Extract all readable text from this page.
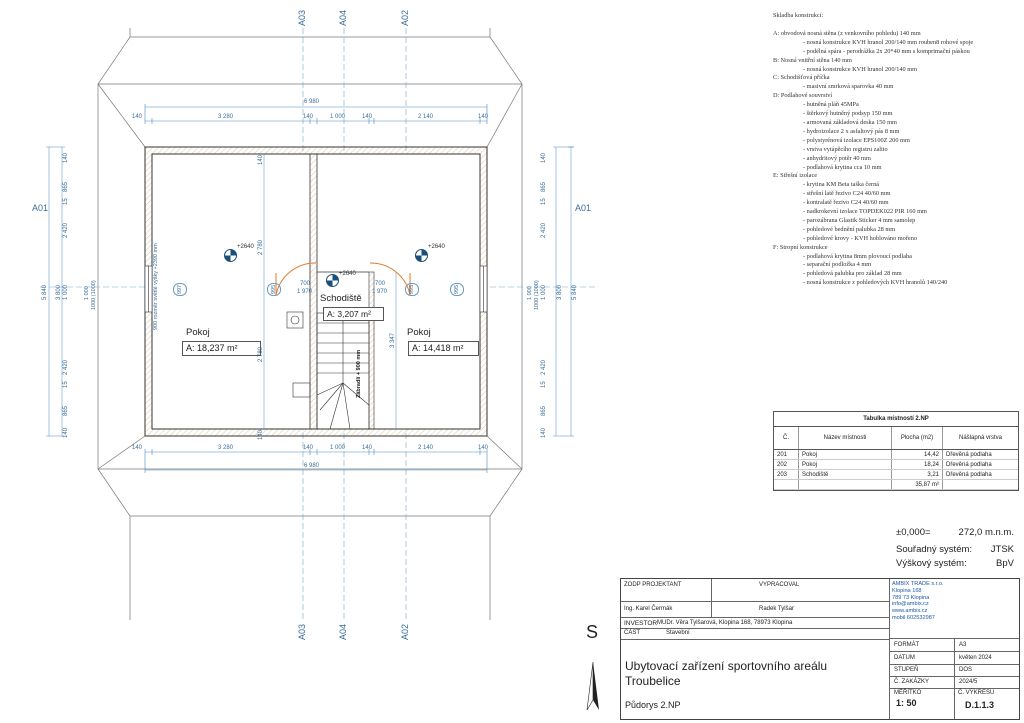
A03	A04	A02
A03	A04	A02
A01	A01
6 980
140	3 280	140	1 000	140	2 140	140
140	3 280	140	1 000	140	2 140	140
6 980
5 840 3 800
140
865
15
2 420
1 000
2 420
15
865
140
5 840
3 800
140
865
15
2 420
1 000
2 420
15
865
140
2 780
2 780
140
140
3 347
700
1 970
700
1 970
997	995	995	995
900 rozměr světlé výšky +2390 mm
1000 (1000)	1000 (1000)
1 000	1 000
+2640	+2640
+2640
Pokoj
A: 18,237 m²
Schodiště
A: 3,207 m²
Pokoj
A: 14,418 m²
Zábradlí + 900 mm
S
Skladba konstrukcí:
A: obvodová nosná stěna (z venkovního pohledu) 140 mm
- nosná konstrukce KVH hranol 200/140 mm rouben8 rohové spoje
- podélná spára - perodrážka 2x 20*40 mm s komprimační páskou
B: Nosná vnitřní stěna 140 mm
- nosná konstrukce KVH hranol 200/140 mm
C: Schodišťová příčka
- masivní smrková sparovka 40 mm
D: Podlahové souvrství
- hutněná pláň 45MPa
- štěrkový hutněný podsyp 150 mm
- armovaná základová deska 150 mm
- hydroizolace 2 x asfaltový pás 8 mm
- polystyrénová izolace EPS100Z 200 mm
- vrstva vytápěcího registru zalito
- anhydritový potěr 40 mm
- podlahová krytina cca 10 mm
E: Střešní izolace
- krytina KM Beta taška černá
- střešní latě řezivo C24 40/60 mm
- kontralatě řezivo C24 40/60 mm
- nadkrokevní izolace TOPDEK022 PIR 160 mm
- parozábrana Glastik Sticker 4 mm samolep
- pohledové bednění palubka 28 mm
- pohledové krovy - KVH hoblováno mořeno
F: Stropní konstrukce
- podlahová krytina 8mm plovoucí podlaha
- separační podložka 4 mm
- pohledová palubka pro základ 28 mm
- nosná konstrukce z pohledových KVH hranolů 140/240
Tabulka místností 2.NP
Č.	Název místnosti	Plocha (m2)	Nášlapná vrstva
201	Pokoj	14,42	Dřevěná podlaha
202	Pokoj	18,24	Dřevěná podlaha
203	Schodiště	3,21	Dřevěná podlaha
		35,87 m²	
±0,000=	272,0 m.n.m.
Souřadný systém: JTSK
Výškový systém:	BpV
ZODP PROJEKTANT
Ing. Karel Čermák
VYPRACOVAL
Radek Tylšar
AMBIX TRADE s.r.o.
Klopina 168
789 73 Klopina
info@ambix.cz
www.ambix.cz
mobil 602532987
INVESTOR MUDr. Věra Tylšarová, Klopina 168, 78973 Klopina
ČÁST	Stavební
Ubytovací zařízení sportovního areálu Troubelice
Půdorys 2.NP
FORMÁT	A3
DATUM	květen 2024
STUPEŇ	DOS
Č. ZAKÁZKY	2024/5
MĚŘÍTKO
1: 50
Č. VÝKRESU
D.1.1.3
